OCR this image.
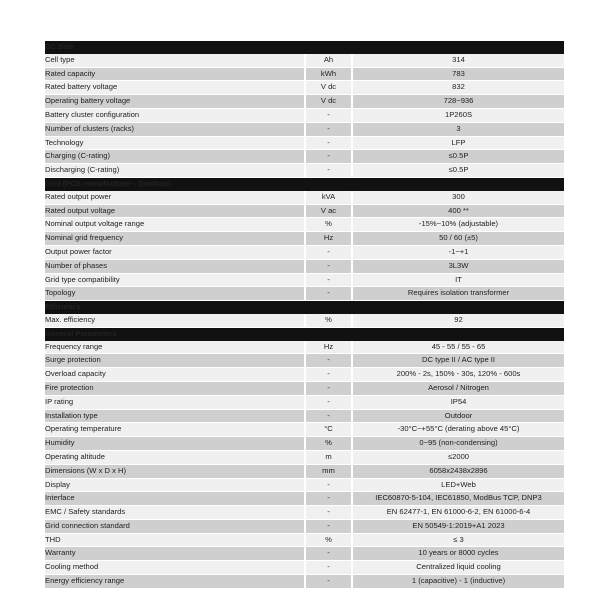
DC Side		
Cell type	Ah	314
Rated capacity	kWh	783
Rated battery voltage	V dc	832
Operating battery voltage	V dc	728~936
Battery cluster configuration	-	1P260S
Number of clusters (racks)	-	3
Technology	-	LFP
Charging (C-rating)	-	≤0.5P
Discharging (C-rating)	-	≤0.5P
Grid (PCS manufacturer - Danfoss)		
Rated output power	kVA	300
Rated output voltage	V ac	400 **
Nominal output voltage range	%	-15%~10% (adjustable)
Nominal grid frequency	Hz	50 / 60 (±5)
Output power factor	-	-1~+1
Number of phases	-	3L3W
Grid type compatibility	-	IT
Topology	-	Requires isolation transformer
Efficiency		
Max. efficiency	%	92
General Parameters		
Frequency range	Hz	45 - 55 / 55 - 65
Surge protection	-	DC type II / AC type II
Overload capacity	-	200% - 2s, 150% - 30s, 120% - 600s
Fire protection	-	Aerosol / Nitrogen
IP rating	-	IP54
Installation type	-	Outdoor
Operating temperature	°C	-30°C~+55°C (derating above 45°C)
Humidity	%	0~95 (non-condensing)
Operating altitude	m	≤2000
Dimensions (W x D x H)	mm	6058x2438x2896
Display	-	LED+Web
Interface	-	IEC60870-5-104, IEC61850, ModBus TCP, DNP3
EMC / Safety standards	-	EN 62477-1, EN 61000-6-2, EN 61000-6-4
Grid connection standard	-	EN 50549-1:2019+A1 2023
THD	%	≤ 3
Warranty	-	10 years or 8000 cycles
Cooling method	-	Centralized liquid cooling
Energy efficiency range	-	1 (capacitive) - 1 (inductive)
